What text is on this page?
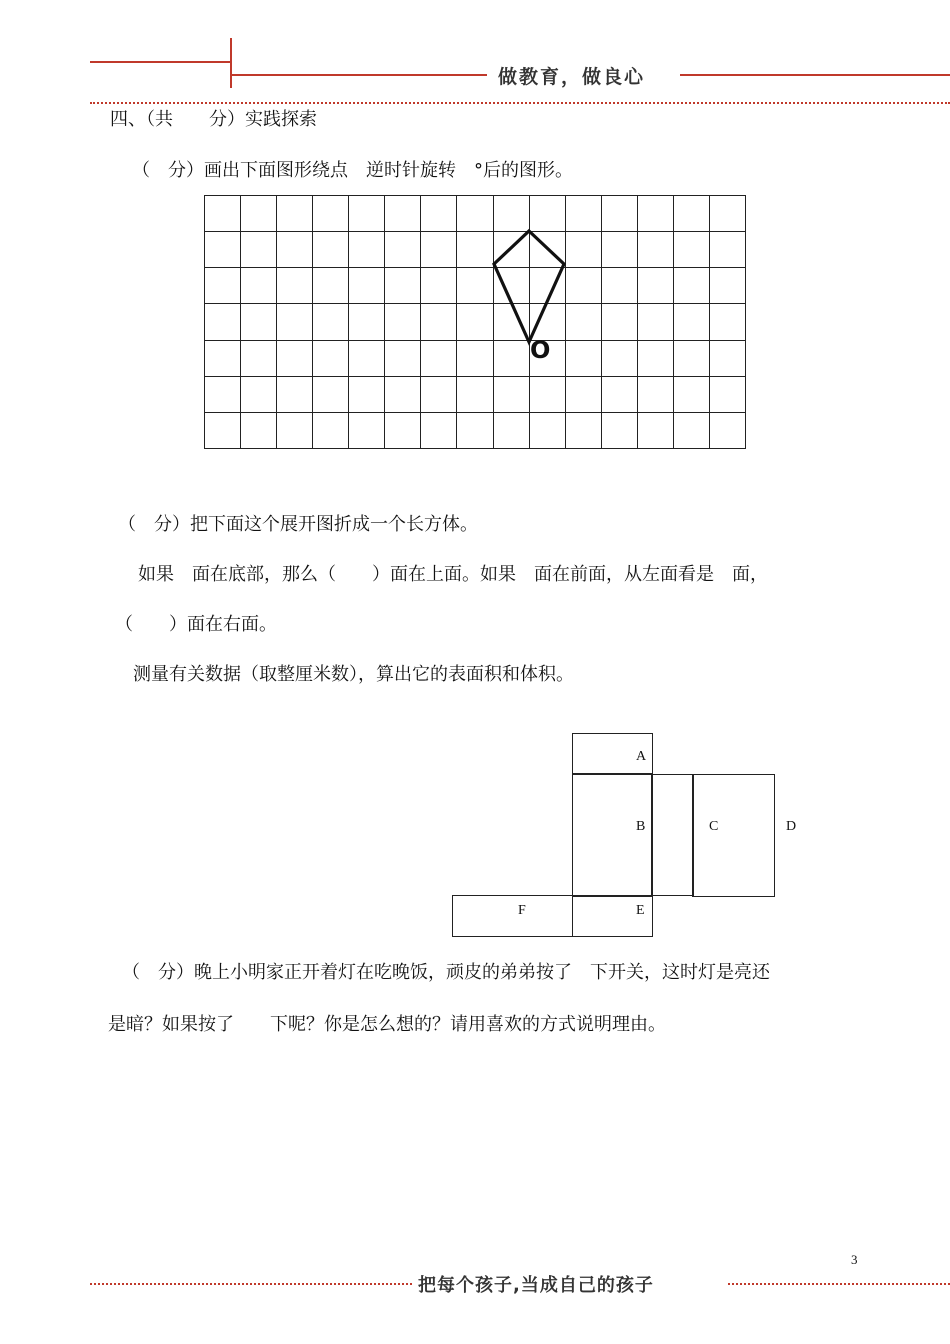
做教育，做良心
四、（共　　分）实践探索
（　分）画出下面图形绕点　逆时针旋转　°后的图形。
O
（　分）把下面这个展开图折成一个长方体。
如果　面在底部，那么（　　）面在上面。如果　面在前面，从左面看是　面，
（　　）面在右面。
测量有关数据（取整厘米数），算出它的表面积和体积。
A
B	C	D
E
F
（　分）晚上小明家正开着灯在吃晚饭，顽皮的弟弟按了　下开关，这时灯是亮还
是暗？如果按了　　下呢？你是怎么想的？请用喜欢的方式说明理由。
3
把每个孩子,当成自己的孩子
